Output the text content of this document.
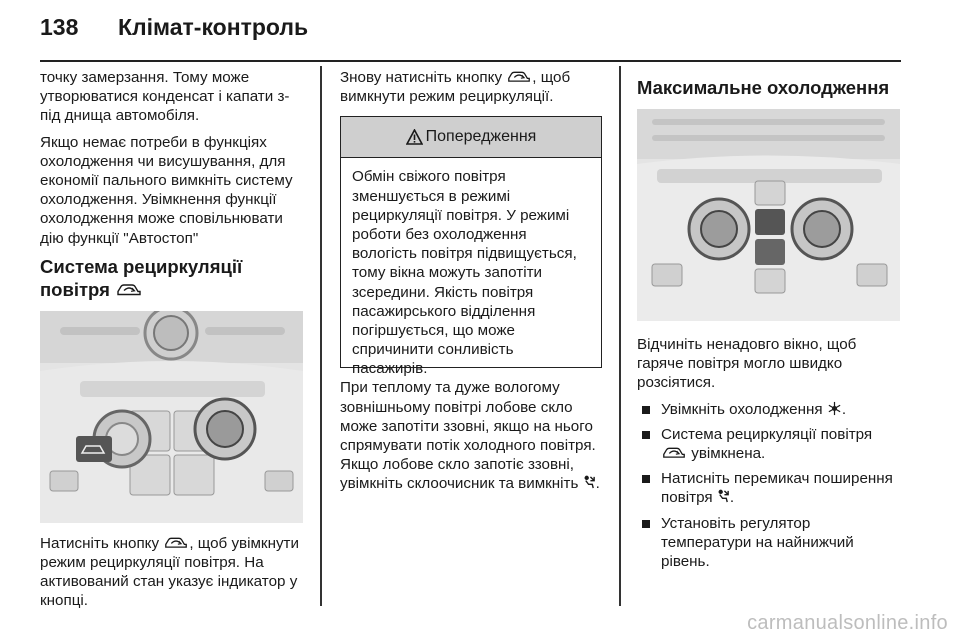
138 Клімат-контроль

точку замерзання. Тому може утворюватися конденсат і капати з-під днища автомобіля.

Якщо немає потреби в функціях охолодження чи висушування, для економії пального вимкніть систему охолодження. Увімкнення функції охолодження може сповільнювати дію функції "Автостоп"

Система рециркуляції
повітря

Натисніть кнопку , щоб увімкнути режим рециркуляції повітря. На активований стан указує індикатор у кнопці.

Знову натисніть кнопку , щоб вимкнути режим рециркуляції.

Попередження

Обмін свіжого повітря зменшується в режимі рециркуляції повітря. У режимі роботи без охолодження вологість повітря підвищується, тому вікна можуть запотіти зсередини. Якість повітря пасажирського відділення погіршується, що може спричинити сонливість пасажирів.

При теплому та дуже вологому зовнішньому повітрі лобове скло може запотіти ззовні, якщо на нього спрямувати потік холодного повітря. Якщо лобове скло запотіє ззовні, увімкніть склоочисник та вимкніть .

Максимальне охолодження

Відчиніть ненадовго вікно, щоб гаряче повітря могло швидко розсіятися.

Увімкніть охолодження .
Система рециркуляції повітря
увімкнена.
Натисніть перемикач поширення повітря .
Установіть регулятор температури на найнижчий рівень.
carmanualsonline.info
